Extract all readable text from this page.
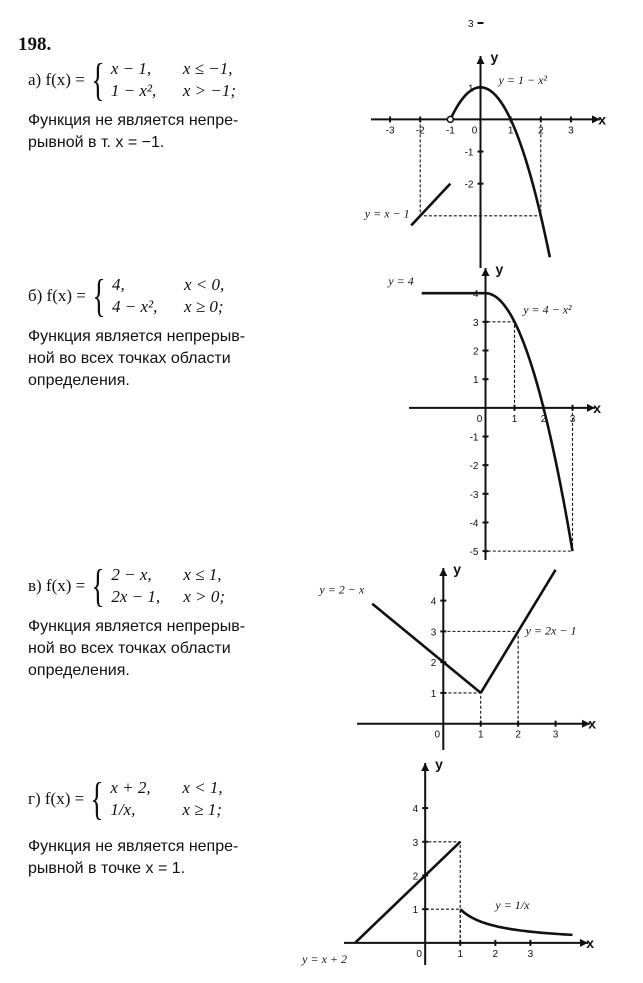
198.
а) f(x) = { x − 1,	x ≤ −1,
1 − x²,	x > −1;
Функция не является непре-
рывной в т. x = −1.
б) f(x) = { 4,	x < 0,
4 − x²,	x ≥ 0;
Функция является непрерыв-
ной во всех точках области
определения.
в) f(x) = { 2 − x,	x ≤ 1,
2x − 1,	x > 0;
Функция является непрерыв-
ной во всех точках области
определения.
г) f(x) = { x + 2,	x < 1,
1/x,	x ≥ 1;
Функция не является непре-
рывной в точке x = 1.
x
y
-3 -2 -1 0	1 2 3
1
-1
-2
3
y = 1 − x²
y = x − 1
x
y
0	1 2 3
4
3
2
1
-1
-2
-3
-4
-5
y = 4
y = 4 − x²
x
y
0	1	2	3
4
3
2
1
y = 2 − x
y = 2x − 1
x
y
0	1	2	3
4
3
2
1
y = x + 2
y = 1/x
